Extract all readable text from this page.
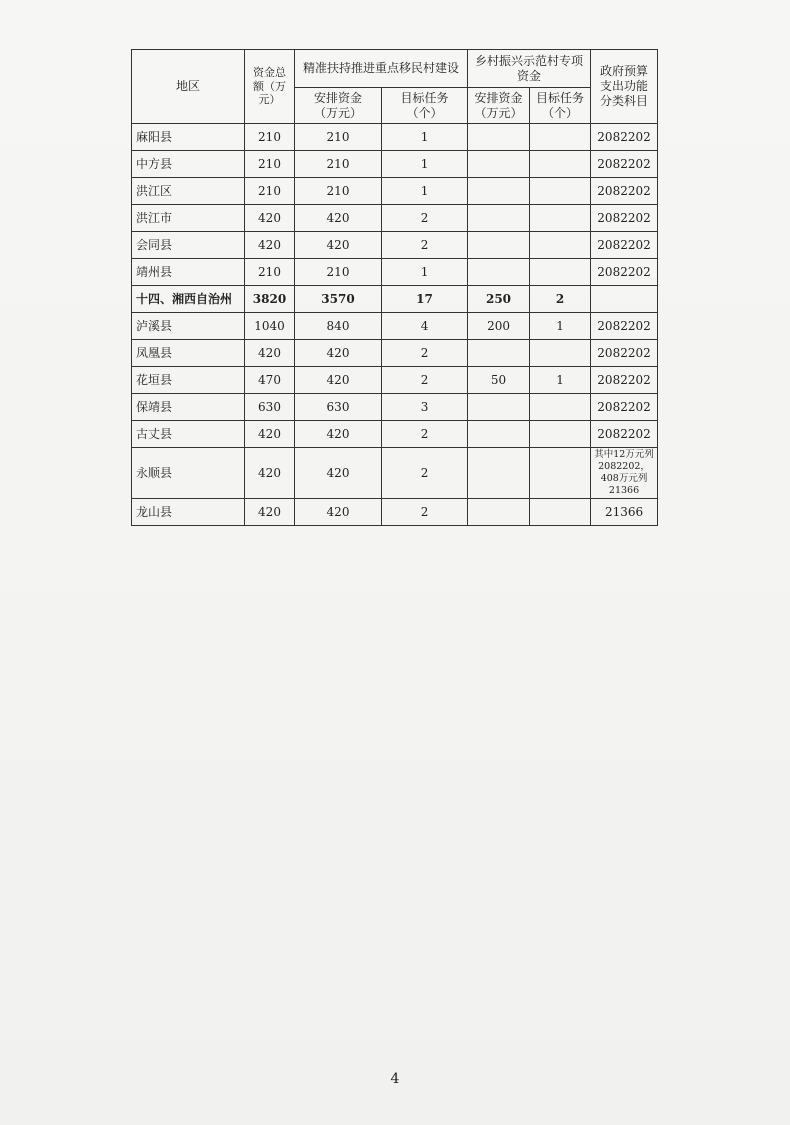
地区	资金总额（万元）	精准扶持推进重点移民村建设		乡村振兴示范村专项资金		政府预算支出功能分类科目
		安排资金（万元）	目标任务（个）	安排资金（万元）	目标任务（个）	
麻阳县	210	210	1			2082202
中方县	210	210	1			2082202
洪江区	210	210	1			2082202
洪江市	420	420	2			2082202
会同县	420	420	2			2082202
靖州县	210	210	1			2082202
十四、湘西自治州	3820	3570	17	250	2	
泸溪县	1040	840	4	200	1	2082202
凤凰县	420	420	2			2082202
花垣县	470	420	2	50	1	2082202
保靖县	630	630	3			2082202
古丈县	420	420	2			2082202
永顺县	420	420	2			其中12万元列2082202，408万元列21366
龙山县	420	420	2			21366
4
